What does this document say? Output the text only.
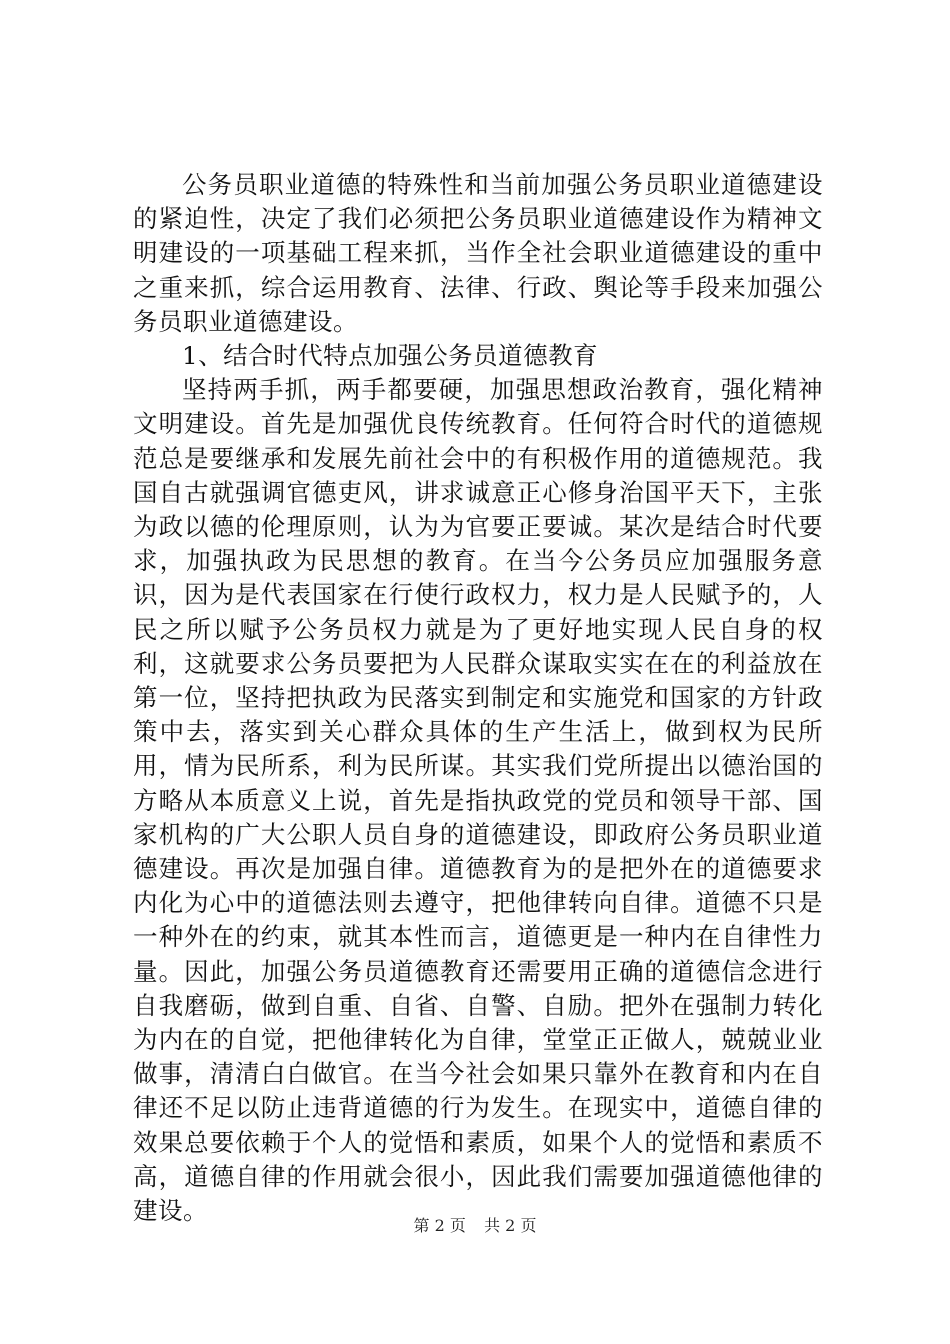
公务员职业道德的特殊性和当前加强公务员职业道德建设的紧迫性，决定了我们必须把公务员职业道德建设作为精神文明建设的一项基础工程来抓，当作全社会职业道德建设的重中之重来抓，综合运用教育、法律、行政、舆论等手段来加强公务员职业道德建设。

1、结合时代特点加强公务员道德教育

坚持两手抓，两手都要硬，加强思想政治教育，强化精神文明建设。首先是加强优良传统教育。任何符合时代的道德规范总是要继承和发展先前社会中的有积极作用的道德规范。我国自古就强调官德吏风，讲求诚意正心修身治国平天下，主张为政以德的伦理原则，认为为官要正要诚。某次是结合时代要求，加强执政为民思想的教育。在当今公务员应加强服务意识，因为是代表国家在行使行政权力，权力是人民赋予的，人民之所以赋予公务员权力就是为了更好地实现人民自身的权利，这就要求公务员要把为人民群众谋取实实在在的利益放在第一位，坚持把执政为民落实到制定和实施党和国家的方针政策中去，落实到关心群众具体的生产生活上，做到权为民所用，情为民所系，利为民所谋。其实我们党所提出以德治国的方略从本质意义上说，首先是指执政党的党员和领导干部、国家机构的广大公职人员自身的道德建设，即政府公务员职业道德建设。再次是加强自律。道德教育为的是把外在的道德要求内化为心中的道德法则去遵守，把他律转向自律。道德不只是一种外在的约束，就其本性而言，道德更是一种内在自律性力量。因此，加强公务员道德教育还需要用正确的道德信念进行自我磨砺，做到自重、自省、自警、自励。把外在强制力转化为内在的自觉，把他律转化为自律，堂堂正正做人，兢兢业业做事，清清白白做官。在当今社会如果只靠外在教育和内在自律还不足以防止违背道德的行为发生。在现实中，道德自律的效果总要依赖于个人的觉悟和素质，如果个人的觉悟和素质不高，道德自律的作用就会很小，因此我们需要加强道德他律的建设。

第 2 页 共 2 页
